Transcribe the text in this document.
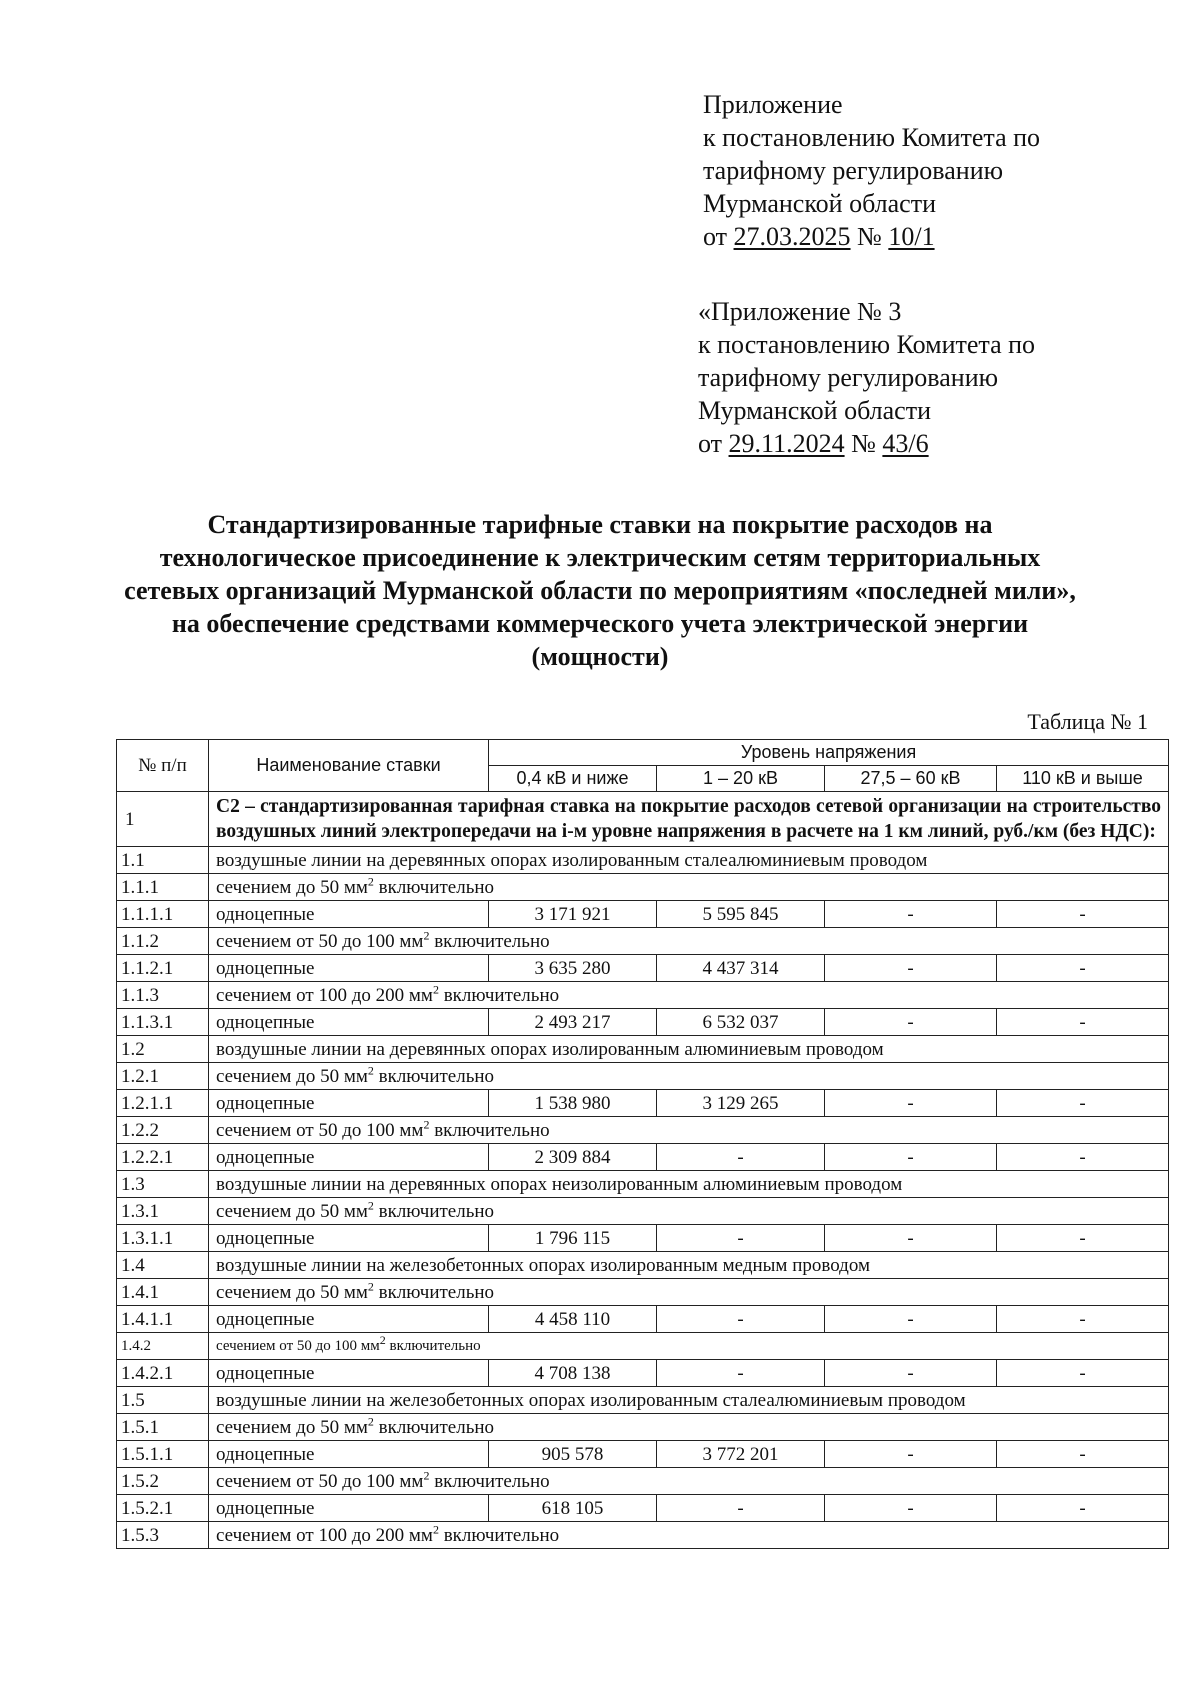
Приложение
к постановлению Комитета по
тарифному регулированию
Мурманской области
от 27.03.2025 № 10/1
«Приложение № 3
к постановлению Комитета по
тарифному регулированию
Мурманской области
от 29.11.2024 № 43/6
Стандартизированные тарифные ставки на покрытие расходов на технологическое присоединение к электрическим сетям территориальных сетевых организаций Мурманской области по мероприятиям «последней мили», на обеспечение средствами коммерческого учета электрической энергии (мощности)
Таблица № 1
№ п/п	Наименование ставки	Уровень напряжения			
		0,4 кВ и ниже	1 – 20 кВ	27,5 – 60 кВ	110 кВ и выше
1	С2 – стандартизированная тарифная ставка на покрытие расходов сетевой организации на строительство воздушных линий электропередачи на i-м уровне напряжения в расчете на 1 км линий, руб./км (без НДС):				
1.1	воздушные линии на деревянных опорах изолированным сталеалюминиевым проводом				
1.1.1	сечением до 50 $мм^2$ включительно				
1.1.1.1	одноцепные	3 171 921	5 595 845	-	-
1.1.2	сечением от 50 до 100 $мм^2$ включительно				
1.1.2.1	одноцепные	3 635 280	4 437 314	-	-
1.1.3	сечением от 100 до 200 $мм^2$ включительно				
1.1.3.1	одноцепные	2 493 217	6 532 037	-	-
1.2	воздушные линии на деревянных опорах изолированным алюминиевым проводом				
1.2.1	сечением до 50 $мм^2$ включительно				
1.2.1.1	одноцепные	1 538 980	3 129 265	-	-
1.2.2	сечением от 50 до 100 $мм^2$ включительно				
1.2.2.1	одноцепные	2 309 884	-	-	-
1.3	воздушные линии на деревянных опорах неизолированным алюминиевым проводом				
1.3.1	сечением до 50 $мм^2$ включительно				
1.3.1.1	одноцепные	1 796 115	-	-	-
1.4	воздушные линии на железобетонных опорах изолированным медным проводом				
1.4.1	сечением до 50 $мм^2$ включительно				
1.4.1.1	одноцепные	4 458 110	-	-	-
1.4.2	сечением от 50 до 100 $мм^2$ включительно				
1.4.2.1	одноцепные	4 708 138	-	-	-
1.5	воздушные линии на железобетонных опорах изолированным сталеалюминиевым проводом				
1.5.1	сечением до 50 $мм^2$ включительно				
1.5.1.1	одноцепные	905 578	3 772 201	-	-
1.5.2	сечением от 50 до 100 $мм^2$ включительно				
1.5.2.1	одноцепные	618 105	-	-	-
1.5.3	сечением от 100 до 200 $мм^2$ включительно				
